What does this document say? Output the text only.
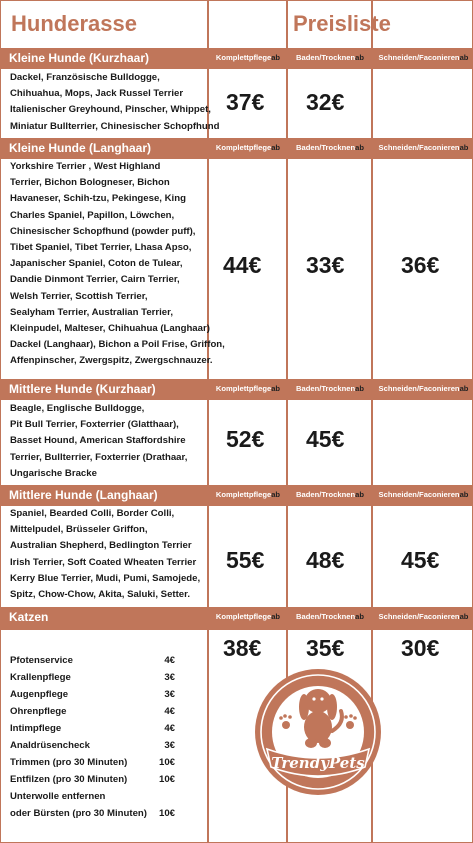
Hunderasse	Preisliste
Kleine Hunde (Kurzhaar)	Komplettpflegeab	Baden/Trocknenab	Schneiden/Faconierenab
Dackel, Französische Bulldogge,
Chihuahua, Mops, Jack Russel Terrier
Italienischer Greyhound, Pinscher, Whippet,
Miniatur Bullterrier, Chinesischer Schopfhund
37€ 32€
Kleine Hunde (Langhaar)	Komplettpflegeab	Baden/Trocknenab	Schneiden/Faconierenab
Yorkshire Terrier , West Highland
Terrier, Bichon Bologneser, Bichon
Havaneser, Schih-tzu, Pekingese, King
Charles Spaniel, Papillon, Löwchen,
Chinesischer Schopfhund (powder puff),
Tibet Spaniel, Tibet Terrier, Lhasa Apso,
Japanischer Spaniel, Coton de Tulear,
Dandie Dinmont Terrier, Cairn Terrier,
Welsh Terrier, Scottish Terrier,
Sealyham Terrier, Australian Terrier,
Kleinpudel, Malteser, Chihuahua (Langhaar)
Dackel (Langhaar), Bichon a Poil Frise, Griffon,
Affenpinscher, Zwergspitz, Zwergschnauzer.
44€ 33€ 36€
Mittlere Hunde (Kurzhaar)	Komplettpflegeab	Baden/Trocknenab	Schneiden/Faconierenab
Beagle, Englische Bulldogge,
Pit Bull Terrier, Foxterrier (Glatthaar),
Basset Hound, American Staffordshire
Terrier, Bullterrier, Foxterrier (Drathaar,
Ungarische Bracke
52€ 45€
Mittlere Hunde (Langhaar)	Komplettpflegeab	Baden/Trocknenab	Schneiden/Faconierenab
Spaniel, Bearded Colli, Border Colli,
Mittelpudel, Brüsseler Griffon,
Australian Shepherd, Bedlington Terrier
Irish Terrier, Soft Coated Wheaten Terrier
Kerry Blue Terrier, Mudi, Pumi, Samojede,
Spitz, Chow-Chow, Akita, Saluki, Setter.
55€ 48€ 45€
Katzen	Komplettpflegeab	Baden/Trocknenab	Schneiden/Faconierenab
38€ 35€ 30€
Pfotenservice	4€
Krallenpflege	3€
Augenpflege	3€
Ohrenpflege	4€
Intimpflege	4€
Analdrüsencheck	3€
Trimmen (pro 30 Minuten)	10€
Entfilzen (pro 30 Minuten)	10€
Unterwolle entfernen
oder Bürsten (pro 30 Minuten)	10€
TrendyPets
